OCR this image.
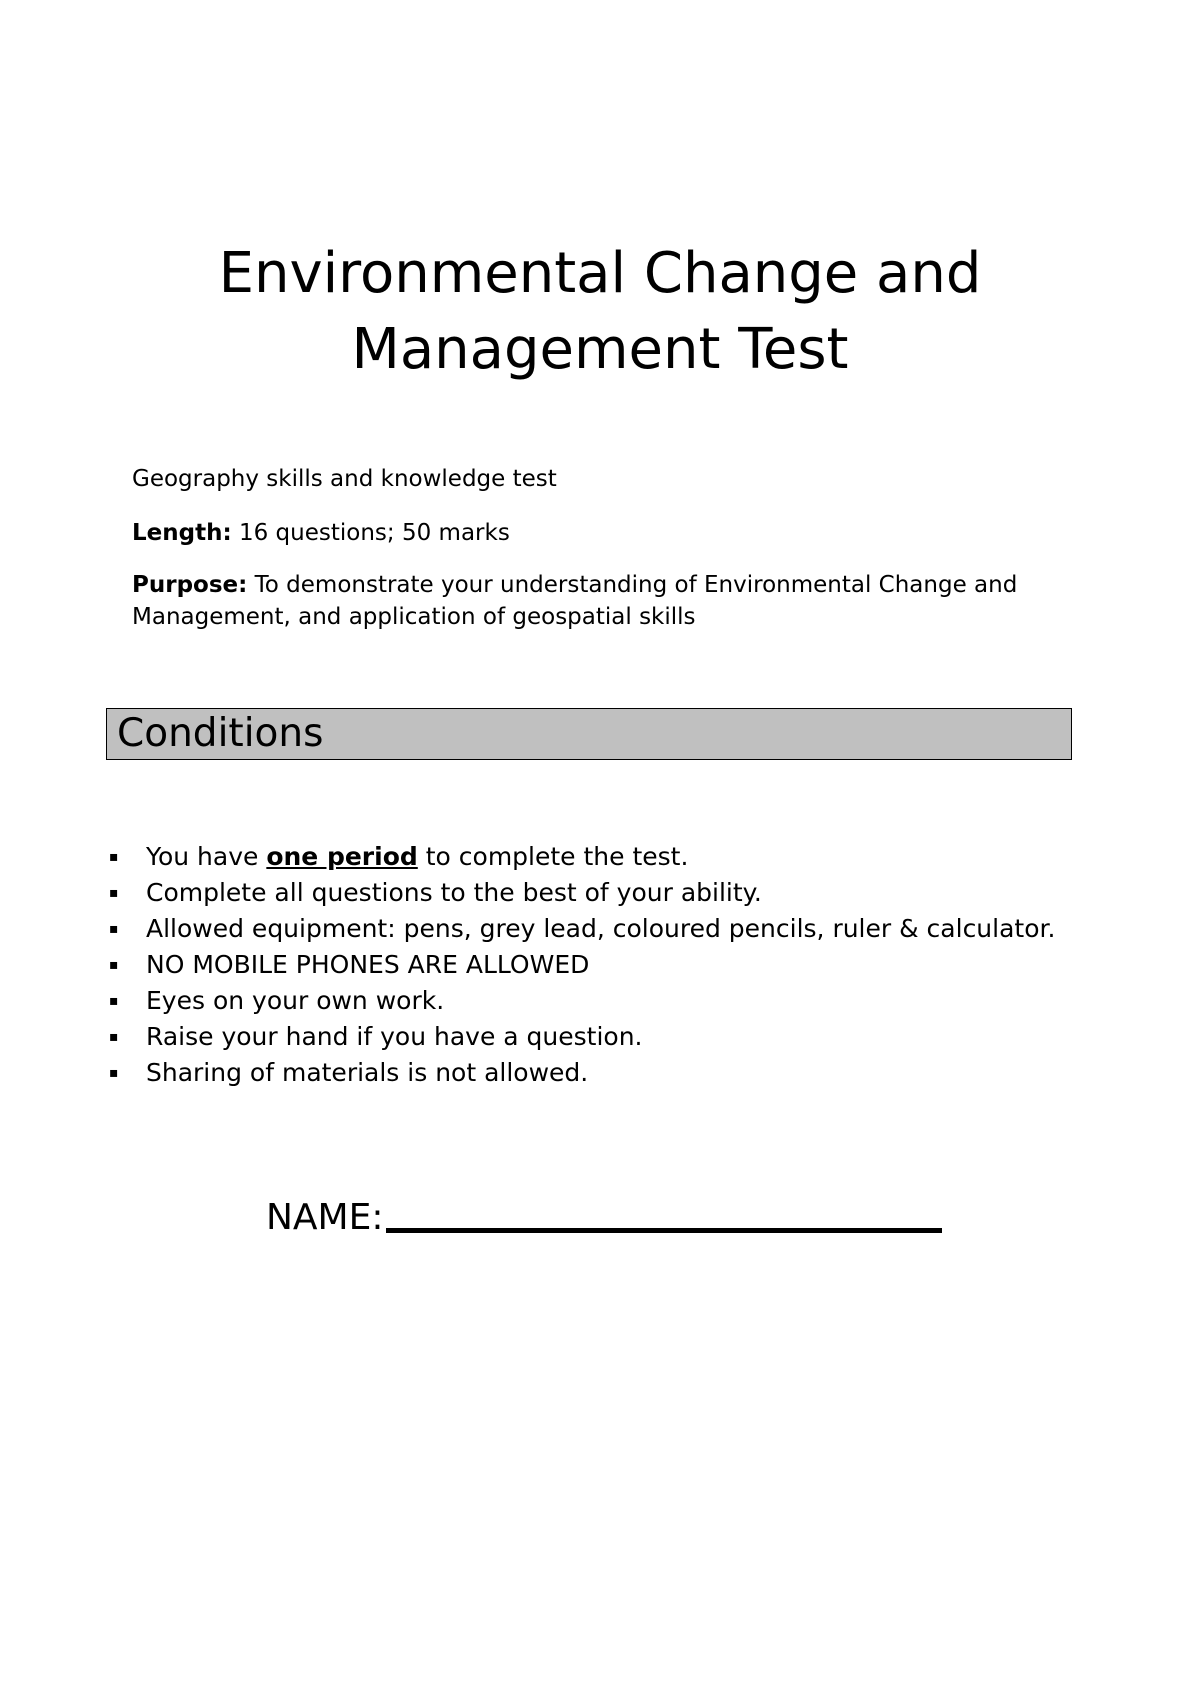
Environmental Change and
Management Test

Geography skills and knowledge test

Length: 16 questions; 50 marks

Purpose: To demonstrate your understanding of Environmental Change and Management, and application of geospatial skills

Conditions
▪ You have one period to complete the test.
▪ Complete all questions to the best of your ability.
▪ Allowed equipment: pens, grey lead, coloured pencils, ruler & calculator.
▪ NO MOBILE PHONES ARE ALLOWED
▪ Eyes on your own work.
▪ Raise your hand if you have a question.
▪ Sharing of materials is not allowed.
NAME:
